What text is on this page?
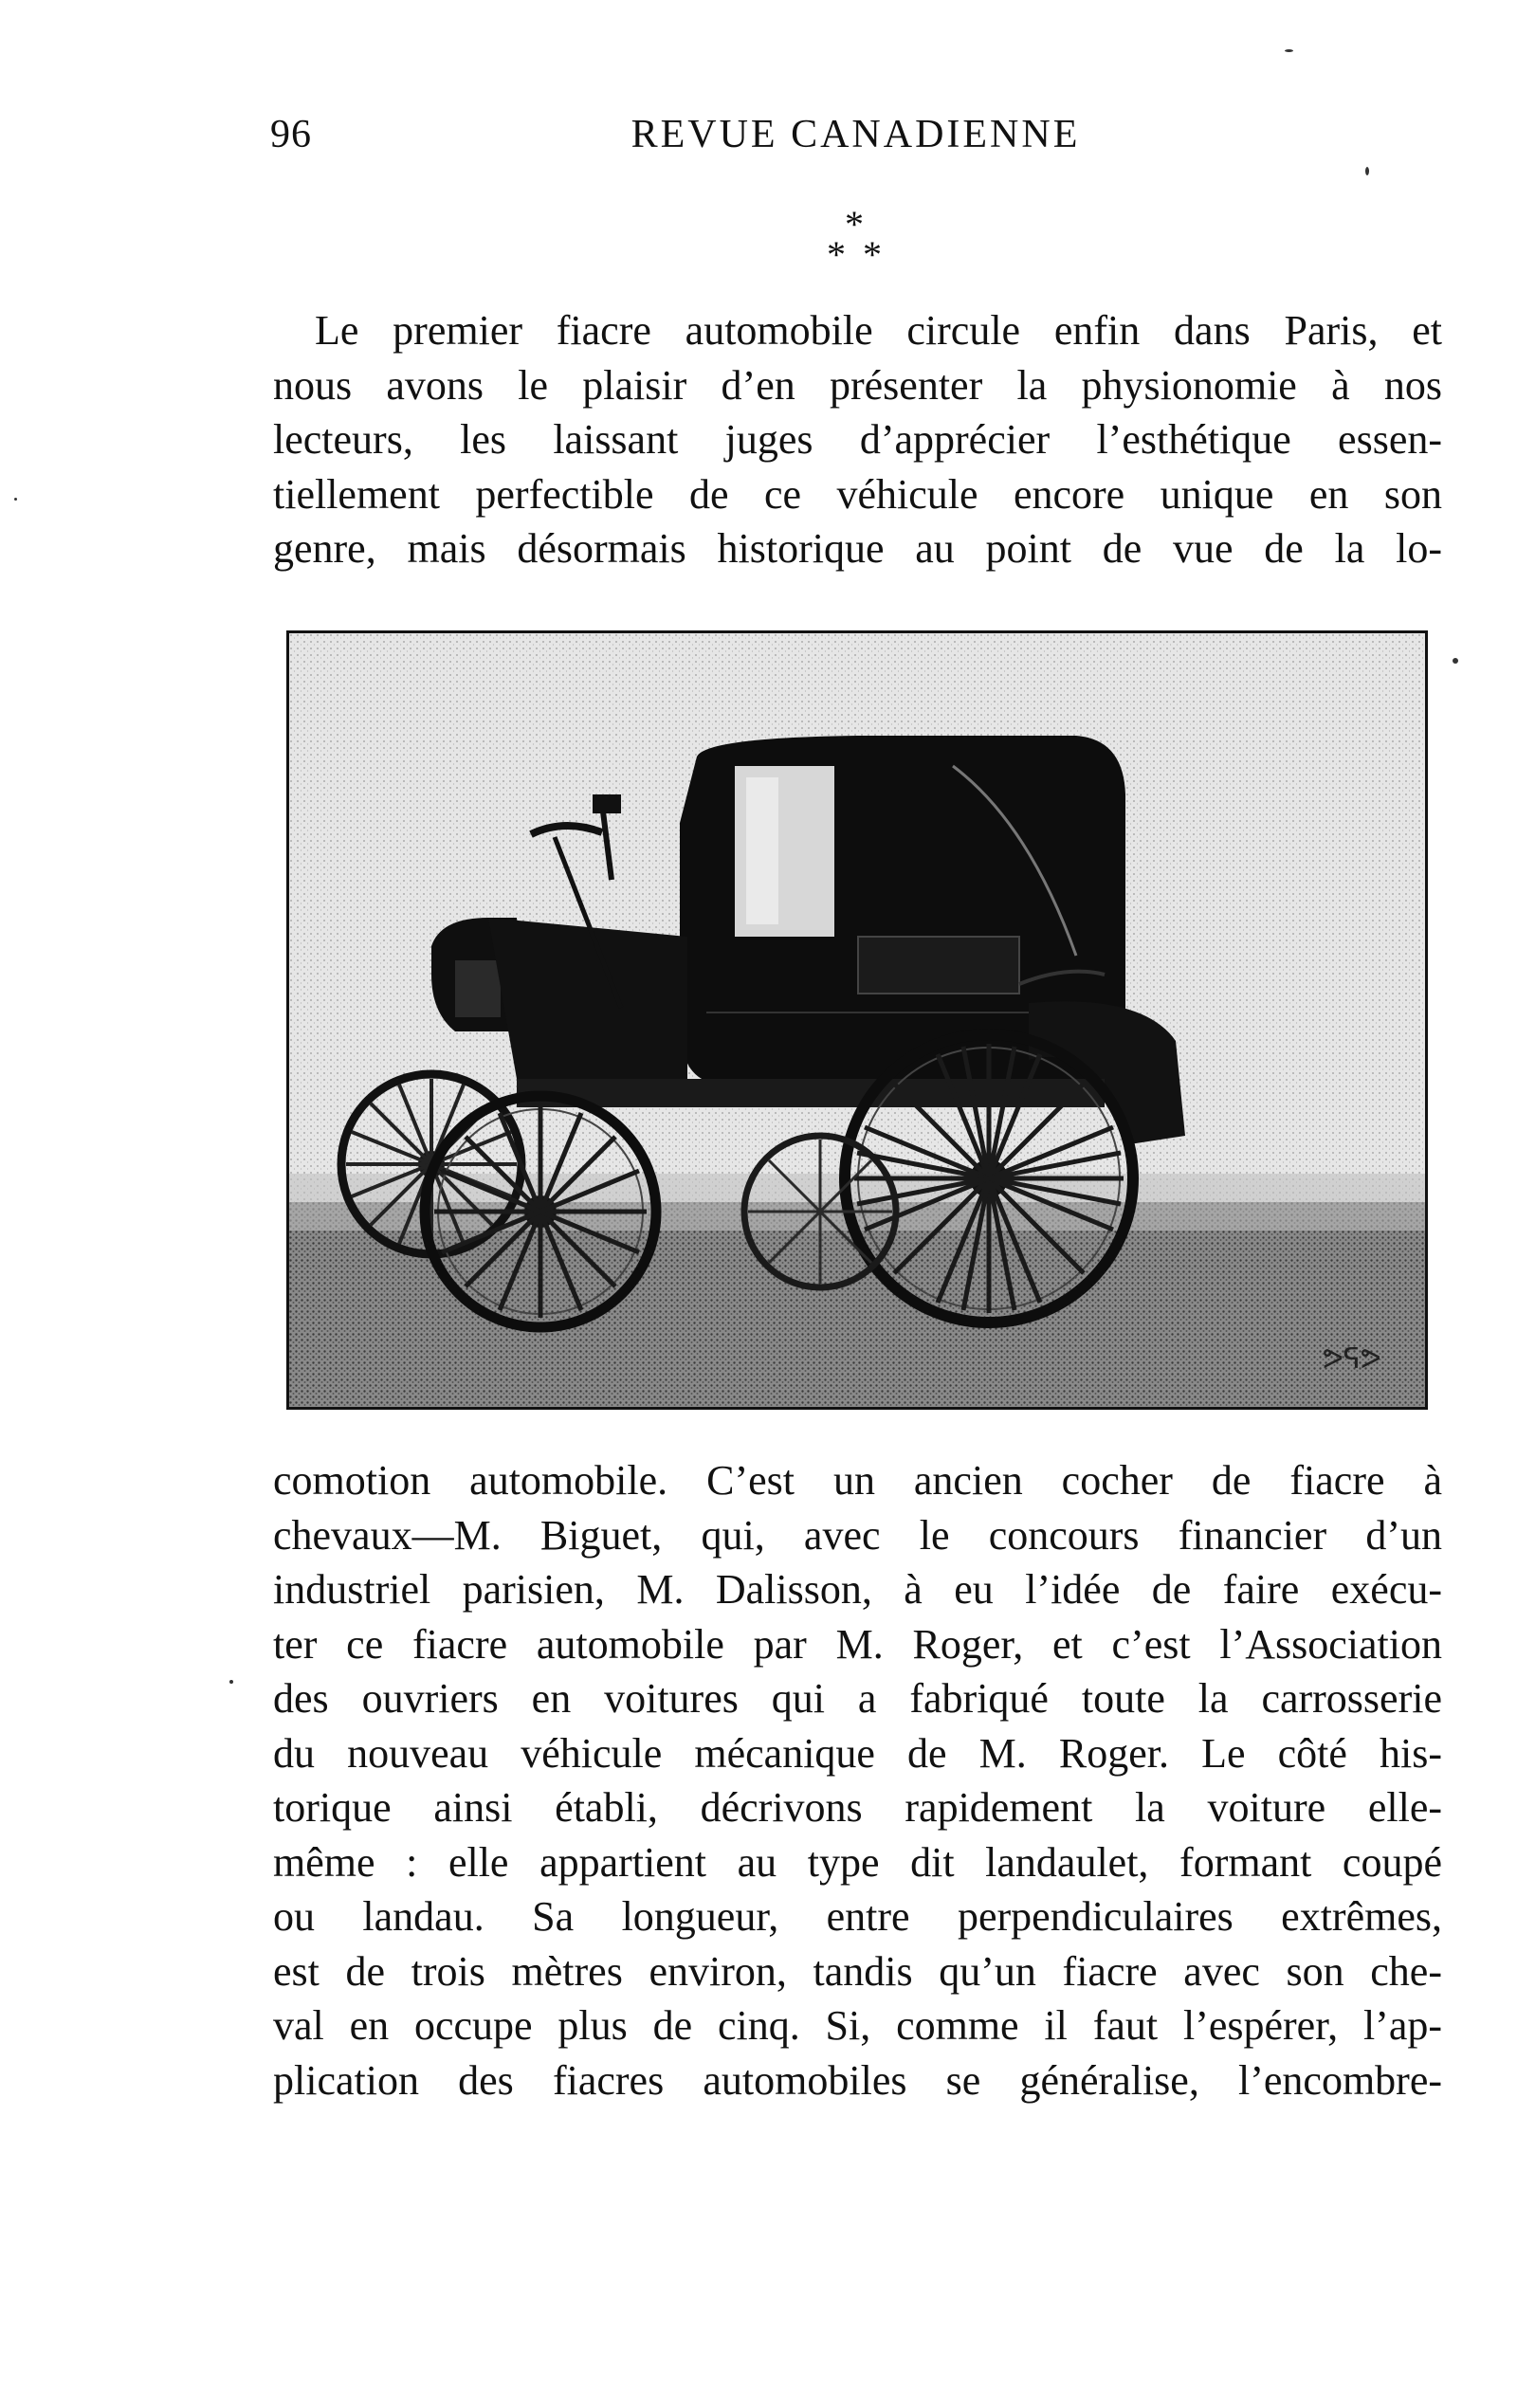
96	REVUE CANADIENNE
*
* *
Le premier fiacre automobile circule enfin dans Paris, et
nous avons le plaisir d’en présenter la physionomie à nos
lecteurs, les laissant juges d’apprécier l’esthétique essen-
tiellement perfectible de ce véhicule encore unique en son
genre, mais désormais historique au point de vue de la lo-
ᕗᕋᕗ
comotion automobile. C’est un ancien cocher de fiacre à
chevaux—M. Biguet, qui, avec le concours financier d’un
industriel parisien, M. Dalisson, à eu l’idée de faire exécu-
ter ce fiacre automobile par M. Roger, et c’est l’Association
des ouvriers en voitures qui a fabriqué toute la carrosserie
du nouveau véhicule mécanique de M. Roger. Le côté his-
torique ainsi établi, décrivons rapidement la voiture elle-
même : elle appartient au type dit landaulet, formant coupé
ou landau. Sa longueur, entre perpendiculaires extrêmes,
est de trois mètres environ, tandis qu’un fiacre avec son che-
val en occupe plus de cinq. Si, comme il faut l’espérer, l’ap-
plication des fiacres automobiles se généralise, l’encombre-
